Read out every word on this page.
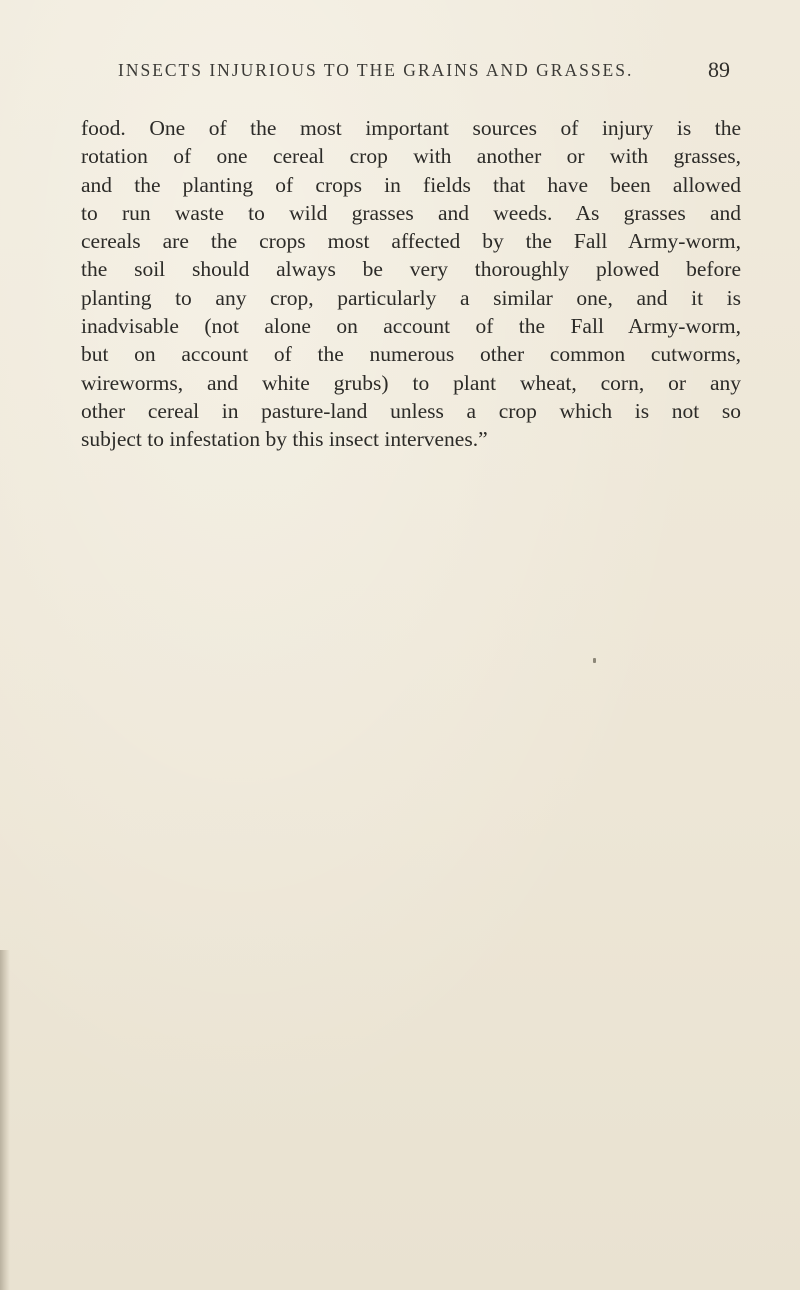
INSECTS INJURIOUS TO THE GRAINS AND GRASSES.	89
food. One of the most important sources of injury is the
rotation of one cereal crop with another or with grasses,
and the planting of crops in fields that have been allowed
to run waste to wild grasses and weeds. As grasses and
cereals are the crops most affected by the Fall Army-worm,
the soil should always be very thoroughly plowed before
planting to any crop, particularly a similar one, and it is
inadvisable (not alone on account of the Fall Army-worm,
but on account of the numerous other common cutworms,
wireworms, and white grubs) to plant wheat, corn, or any
other cereal in pasture-land unless a crop which is not so
subject to infestation by this insect intervenes.”
